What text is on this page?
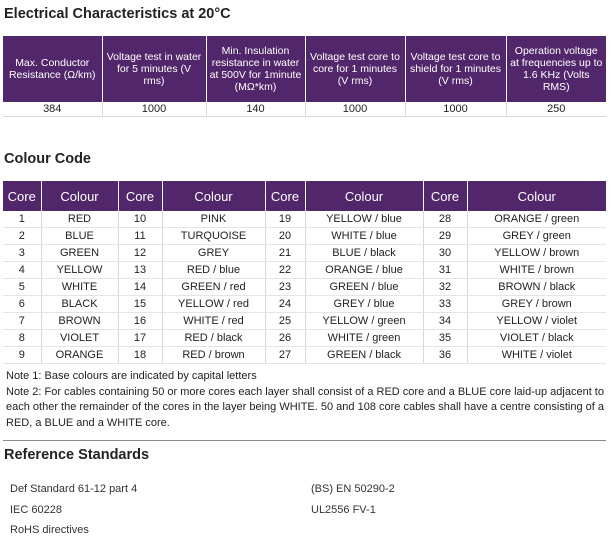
Electrical Characteristics at 20°C
Max. Conductor Resistance (Ω/km)	Voltage test in water for 5 minutes (V rms)	Min. Insulation resistance in water at 500V for 1minute (MΩ*km)	Voltage test core to core for 1 minutes (V rms)	Voltage test core to shield for 1 minutes (V rms)	Operation voltage at frequencies up to 1.6 KHz (Volts RMS)
384	1000	140	1000	1000	250
Colour Code
Core	Colour	Core	Colour	Core	Colour	Core	Colour
1	RED	10	PINK	19	YELLOW / blue	28	ORANGE / green
2	BLUE	11	TURQUOISE	20	WHITE / blue	29	GREY / green
3	GREEN	12	GREY	21	BLUE / black	30	YELLOW / brown
4	YELLOW	13	RED / blue	22	ORANGE / blue	31	WHITE / brown
5	WHITE	14	GREEN / red	23	GREEN / blue	32	BROWN / black
6	BLACK	15	YELLOW / red	24	GREY / blue	33	GREY / brown
7	BROWN	16	WHITE / red	25	YELLOW / green	34	YELLOW / violet
8	VIOLET	17	RED / black	26	WHITE / green	35	VIOLET / black
9	ORANGE	18	RED / brown	27	GREEN / black	36	WHITE / violet
Note 1: Base colours are indicated by capital letters
Note 2: For cables containing 50 or more cores each layer shall consist of a RED core and a BLUE core laid-up adjacent to each other the remainder of the cores in the layer being WHITE. 50 and 108 core cables shall have a centre consisting of a RED, a BLUE and a WHITE core.
Reference Standards
Def Standard 61-12 part 4
IEC 60228
RoHS directives
(BS) EN 50290-2
UL2556 FV-1
